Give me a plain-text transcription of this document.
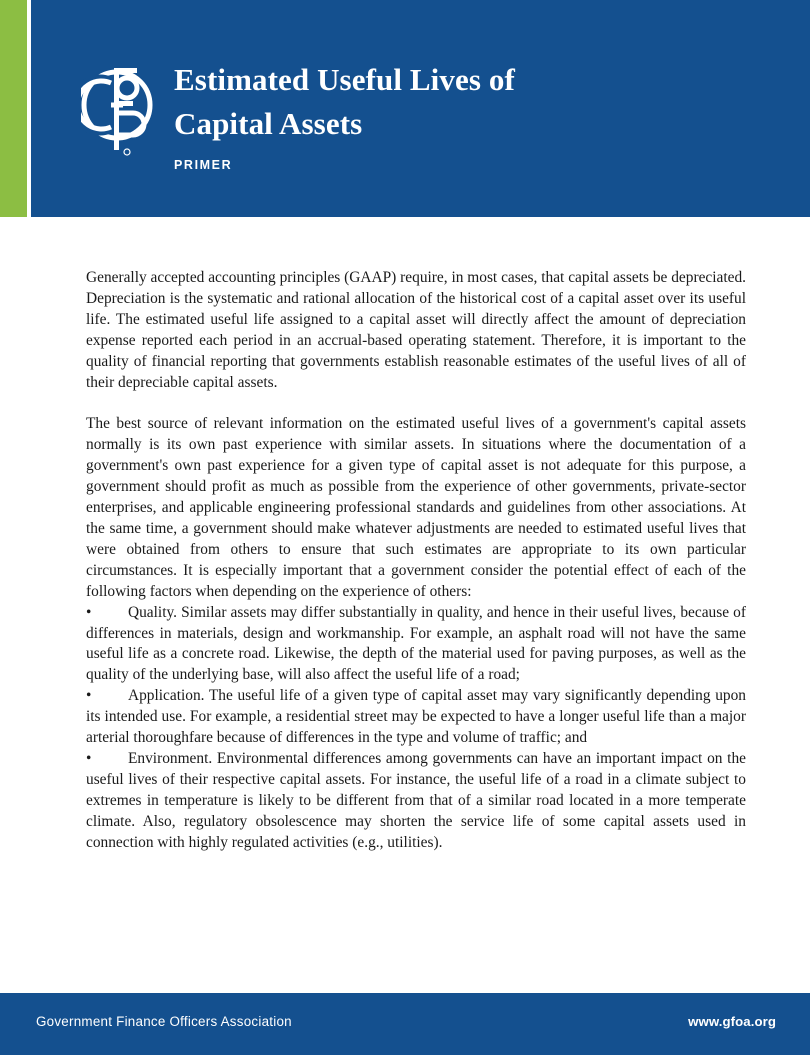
Estimated Useful Lives of
Capital Assets
PRIMER

Generally accepted accounting principles (GAAP) require, in most cases, that capital assets be depreciated. Depreciation is the systematic and rational allocation of the historical cost of a capital asset over its useful life. The estimated useful life assigned to a capital asset will directly affect the amount of depreciation expense reported each period in an accrual-based operating statement. Therefore, it is important to the quality of financial reporting that governments establish reasonable estimates of the useful lives of all of their depreciable capital assets.

The best source of relevant information on the estimated useful lives of a government's capital assets normally is its own past experience with similar assets. In situations where the documentation of a government's own past experience for a given type of capital asset is not adequate for this purpose, a government should profit as much as possible from the experience of other governments, private-sector enterprises, and applicable engineering professional standards and guidelines from other associations. At the same time, a government should make whatever adjustments are needed to estimated useful lives that were obtained from others to ensure that such estimates are appropriate to its own particular circumstances. It is especially important that a government consider the potential effect of each of the following factors when depending on the experience of others:

• Quality. Similar assets may differ substantially in quality, and hence in their useful lives, because of differences in materials, design and workmanship. For example, an asphalt road will not have the same useful life as a concrete road. Likewise, the depth of the material used for paving purposes, as well as the quality of the underlying base, will also affect the useful life of a road;

• Application. The useful life of a given type of capital asset may vary significantly depending upon its intended use. For example, a residential street may be expected to have a longer useful life than a major arterial thoroughfare because of differences in the type and volume of traffic; and

• Environment. Environmental differences among governments can have an important impact on the useful lives of their respective capital assets. For instance, the useful life of a road in a climate subject to extremes in temperature is likely to be different from that of a similar road located in a more temperate climate. Also, regulatory obsolescence may shorten the service life of some capital assets used in connection with highly regulated activities (e.g., utilities).

Government Finance Officers Association	www.gfoa.org
